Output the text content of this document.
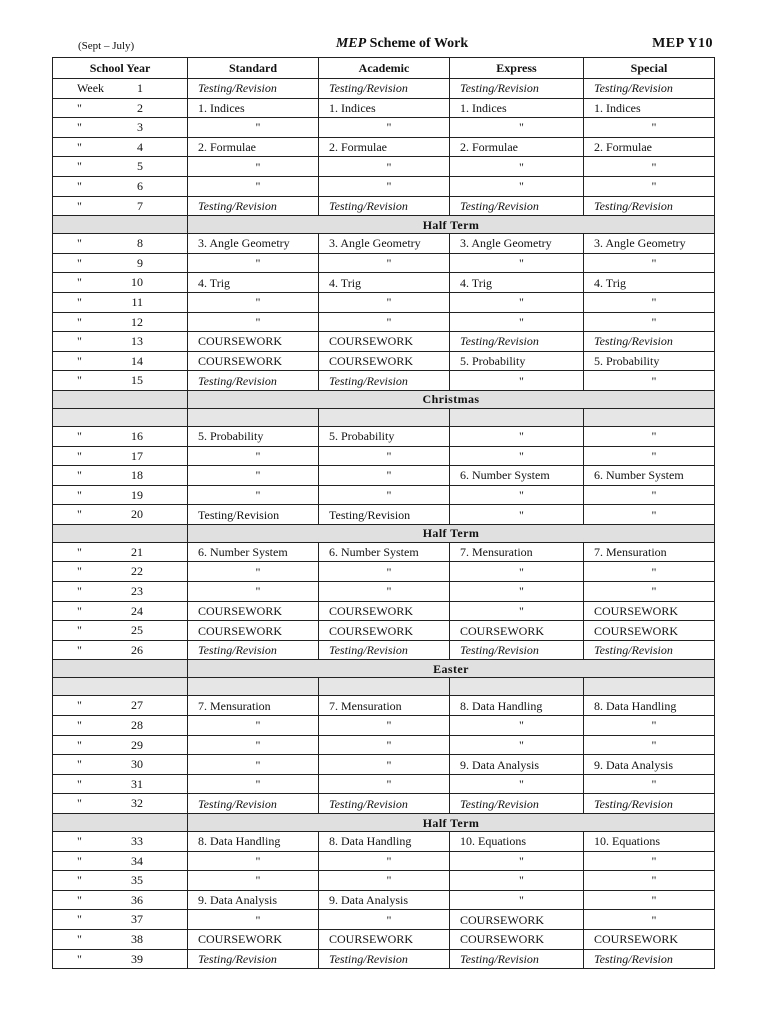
(Sept – July)	MEP Scheme of Work	MEP Y10
School Year	Standard	Academic	Express	Special

Week 1	Testing/Revision	Testing/Revision	Testing/Revision	Testing/Revision

" 2	1. Indices	1. Indices	1. Indices	1. Indices

" 3	"	"	"	"

" 4	2. Formulae	2. Formulae	2. Formulae	2. Formulae

" 5	"	"	"	"

" 6	"	"	"	"

" 7	Testing/Revision	Testing/Revision	Testing/Revision	Testing/Revision
	Half Term			

" 8	3. Angle Geometry	3. Angle Geometry	3. Angle Geometry	3. Angle Geometry

" 9	"	"	"	"

" 10	4. Trig	4. Trig	4. Trig	4. Trig

" 11	"	"	"	"

" 12	"	"	"	"

" 13	COURSEWORK	COURSEWORK	Testing/Revision	Testing/Revision

" 14	COURSEWORK	COURSEWORK	5. Probability	5. Probability

" 15	Testing/Revision	Testing/Revision	"	"
	Christmas			

" 16	5. Probability	5. Probability	"	"

" 17	"	"	"	"

" 18	"	"	6. Number System	6. Number System

" 19	"	"	"	"

" 20	Testing/Revision	Testing/Revision	"	"
	Half Term			

" 21	6. Number System	6. Number System	7. Mensuration	7. Mensuration

" 22	"	"	"	"

" 23	"	"	"	"

" 24	COURSEWORK	COURSEWORK	"	COURSEWORK

" 25	COURSEWORK	COURSEWORK	COURSEWORK	COURSEWORK

" 26	Testing/Revision	Testing/Revision	Testing/Revision	Testing/Revision
	Easter			

" 27	7. Mensuration	7. Mensuration	8. Data Handling	8. Data Handling

" 28	"	"	"	"

" 29	"	"	"	"

" 30	"	"	9. Data Analysis	9. Data Analysis

" 31	"	"	"	"

" 32	Testing/Revision	Testing/Revision	Testing/Revision	Testing/Revision
	Half Term			

" 33	8. Data Handling	8. Data Handling	10. Equations	10. Equations

" 34	"	"	"	"

" 35	"	"	"	"

" 36	9. Data Analysis	9. Data Analysis	"	"

" 37	"	"	COURSEWORK	"

" 38	COURSEWORK	COURSEWORK	COURSEWORK	COURSEWORK

" 39	Testing/Revision	Testing/Revision	Testing/Revision	Testing/Revision
